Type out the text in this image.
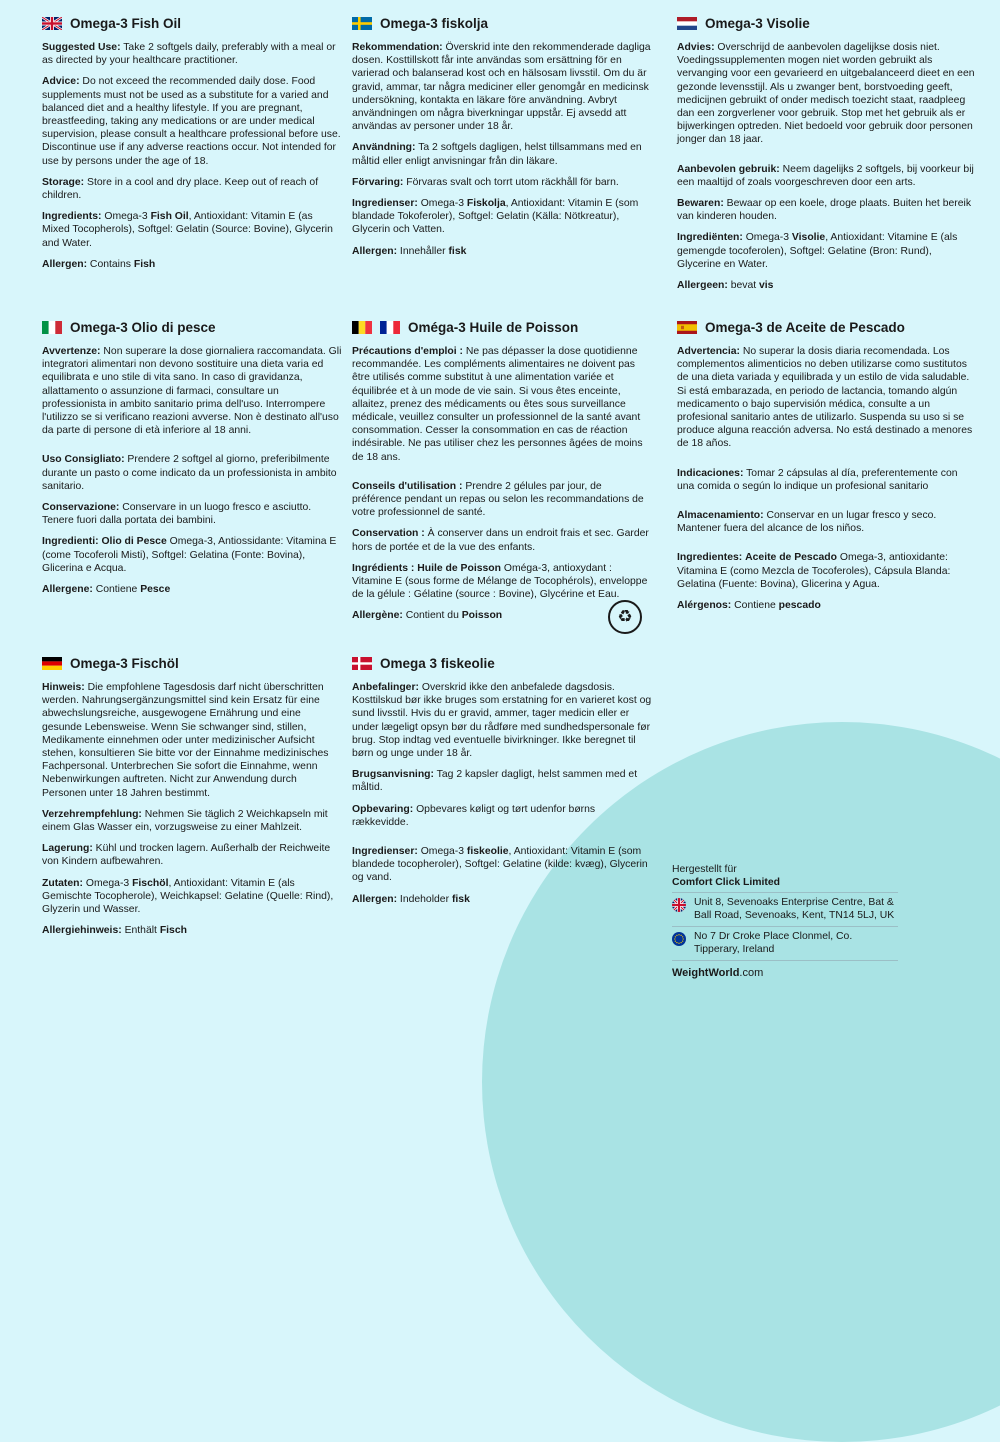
Omega-3 Fish Oil
Suggested Use: Take 2 softgels daily, preferably with a meal or as directed by your healthcare practitioner.
Advice: Do not exceed the recommended daily dose. Food supplements must not be used as a substitute for a varied and balanced diet and a healthy lifestyle. If you are pregnant, breastfeeding, taking any medications or are under medical supervision, please consult a healthcare professional before use. Discontinue use if any adverse reactions occur. Not intended for use by persons under the age of 18.
Storage: Store in a cool and dry place. Keep out of reach of children.
Ingredients: Omega-3 Fish Oil, Antioxidant: Vitamin E (as Mixed Tocopherols), Softgel: Gelatin (Source: Bovine), Glycerin and Water.
Allergen: Contains Fish
Omega-3 fiskolja
Rekommendation: Överskrid inte den rekommenderade dagliga dosen. Kosttillskott får inte användas som ersättning för en varierad och balanserad kost och en hälsosam livsstil. Om du är gravid, ammar, tar några mediciner eller genomgår en medicinsk undersökning, kontakta en läkare före användning. Avbryt användningen om några biverkningar uppstår. Ej avsedd att användas av personer under 18 år.
Användning: Ta 2 softgels dagligen, helst tillsammans med en måltid eller enligt anvisningar från din läkare.
Förvaring: Förvaras svalt och torrt utom räckhåll för barn.
Ingredienser: Omega-3 Fiskolja, Antioxidant: Vitamin E (som blandade Tokoferoler), Softgel: Gelatin (Källa: Nötkreatur), Glycerin och Vatten.
Allergen: Innehåller fisk
Omega-3 Visolie
Advies: Overschrijd de aanbevolen dagelijkse dosis niet. Voedingssupplementen mogen niet worden gebruikt als vervanging voor een gevarieerd en uitgebalanceerd dieet en een gezonde levensstijl. Als u zwanger bent, borstvoeding geeft, medicijnen gebruikt of onder medisch toezicht staat, raadpleeg dan een zorgverlener voor gebruik. Stop met het gebruik als er bijwerkingen optreden. Niet bedoeld voor gebruik door personen jonger dan 18 jaar.
Aanbevolen gebruik: Neem dagelijks 2 softgels, bij voorkeur bij een maaltijd of zoals voorgeschreven door een arts.
Bewaren: Bewaar op een koele, droge plaats. Buiten het bereik van kinderen houden.
Ingrediënten: Omega-3 Visolie, Antioxidant: Vitamine E (als gemengde tocoferolen), Softgel: Gelatine (Bron: Rund), Glycerine en Water.
Allergeen: bevat vis
Omega-3 Olio di pesce
Avvertenze: Non superare la dose giornaliera raccomandata. Gli integratori alimentari non devono sostituire una dieta varia ed equilibrata e uno stile di vita sano. In caso di gravidanza, allattamento o assunzione di farmaci, consultare un professionista in ambito sanitario prima dell'uso. Interrompere l'utilizzo se si verificano reazioni avverse. Non è destinato all'uso da parte di persone di età inferiore al 18 anni.
Uso Consigliato: Prendere 2 softgel al giorno, preferibilmente durante un pasto o come indicato da un professionista in ambito sanitario.
Conservazione: Conservare in un luogo fresco e asciutto. Tenere fuori dalla portata dei bambini.
Ingredienti: Olio di Pesce Omega-3, Antiossidante: Vitamina E (come Tocoferoli Misti), Softgel: Gelatina (Fonte: Bovina), Glicerina e Acqua.
Allergene: Contiene Pesce
Oméga-3 Huile de Poisson
Précautions d'emploi : Ne pas dépasser la dose quotidienne recommandée. Les compléments alimentaires ne doivent pas être utilisés comme substitut à une alimentation variée et équilibrée et à un mode de vie sain. Si vous êtes enceinte, allaitez, prenez des médicaments ou êtes sous surveillance médicale, veuillez consulter un professionnel de la santé avant consommation. Cesser la consommation en cas de réaction indésirable. Ne pas utiliser chez les personnes âgées de moins de 18 ans.
Conseils d'utilisation : Prendre 2 gélules par jour, de préférence pendant un repas ou selon les recommandations de votre professionnel de santé.
Conservation : À conserver dans un endroit frais et sec. Garder hors de portée et de la vue des enfants.
Ingrédients : Huile de Poisson Oméga-3, antioxydant : Vitamine E (sous forme de Mélange de Tocophérols), enveloppe de la gélule : Gélatine (source : Bovine), Glycérine et Eau.
Allergène: Contient du Poisson
Omega-3 de Aceite de Pescado
Advertencia: No superar la dosis diaria recomendada. Los complementos alimenticios no deben utilizarse como sustitutos de una dieta variada y equilibrada y un estilo de vida saludable. Si está embarazada, en periodo de lactancia, tomando algún medicamento o bajo supervisión médica, consulte a un profesional sanitario antes de utilizarlo. Suspenda su uso si se produce alguna reacción adversa. No está destinado a menores de 18 años.
Indicaciones: Tomar 2 cápsulas al día, preferentemente con una comida o según lo indique un profesional sanitario
Almacenamiento: Conservar en un lugar fresco y seco. Mantener fuera del alcance de los niños.
Ingredientes: Aceite de Pescado Omega-3, antioxidante: Vitamina E (como Mezcla de Tocoferoles), Cápsula Blanda: Gelatina (Fuente: Bovina), Glicerina y Agua.
Alérgenos: Contiene pescado
Omega-3 Fischöl
Hinweis: Die empfohlene Tagesdosis darf nicht überschritten werden. Nahrungsergänzungsmittel sind kein Ersatz für eine abwechslungsreiche, ausgewogene Ernährung und eine gesunde Lebensweise. Wenn Sie schwanger sind, stillen, Medikamente einnehmen oder unter medizinischer Aufsicht stehen, konsultieren Sie bitte vor der Einnahme medizinisches Fachpersonal. Unterbrechen Sie sofort die Einnahme, wenn Nebenwirkungen auftreten. Nicht zur Anwendung durch Personen unter 18 Jahren bestimmt.
Verzehrempfehlung: Nehmen Sie täglich 2 Weichkapseln mit einem Glas Wasser ein, vorzugsweise zu einer Mahlzeit.
Lagerung: Kühl und trocken lagern. Außerhalb der Reichweite von Kindern aufbewahren.
Zutaten: Omega-3 Fischöl, Antioxidant: Vitamin E (als Gemischte Tocopherole), Weichkapsel: Gelatine (Quelle: Rind), Glyzerin und Wasser.
Allergiehinweis: Enthält Fisch
Omega 3 fiskeolie
Anbefalinger: Overskrid ikke den anbefalede dagsdosis. Kosttilskud bør ikke bruges som erstatning for en varieret kost og sund livsstil. Hvis du er gravid, ammer, tager medicin eller er under lægeligt opsyn bør du rådføre med sundhedspersonale før brug. Stop indtag ved eventuelle bivirkninger. Ikke beregnet til børn og unge under 18 år.
Brugsanvisning: Tag 2 kapsler dagligt, helst sammen med et måltid.
Opbevaring: Opbevares køligt og tørt udenfor børns rækkevidde.
Ingredienser: Omega-3 fiskeolie, Antioxidant: Vitamin E (som blandede tocopheroler), Softgel: Gelatine (kilde: kvæg), Glycerin og vand.
Allergen: Indeholder fisk
♻
Hergestellt für
Comfort Click Limited
Unit 8, Sevenoaks Enterprise Centre, Bat & Ball Road, Sevenoaks, Kent, TN14 5LJ, UK
No 7 Dr Croke Place Clonmel, Co. Tipperary, Ireland
WeightWorld.com
